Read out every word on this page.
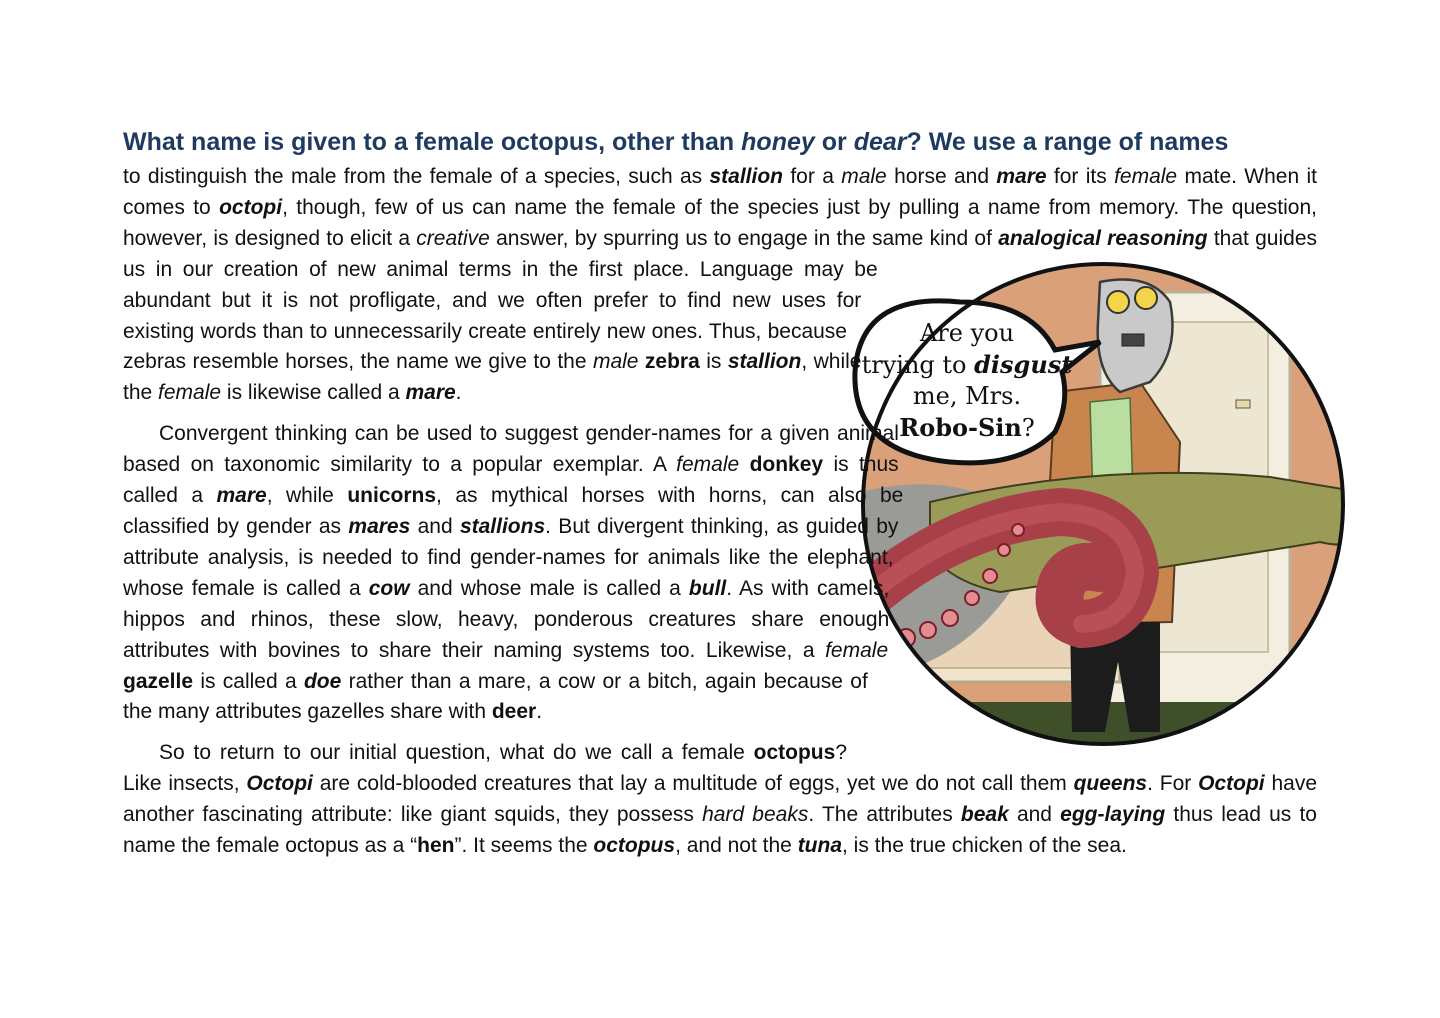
Are you
trying to disgust
me, Mrs.
Robo-Sin?
What name is given to a female octopus, other than honey or dear? We use a range of names

to distinguish the male from the female of a species, such as stallion for a male horse and mare for its female mate. When it comes to octopi, though, few of us can name the female of the species just by pulling a name from memory. The question, however, is designed to elicit a creative answer, by spurring us to engage in the same kind of analogical reasoning
that guides us in our creation of new animal terms in the first place. Language may be abundant but it is not profligate, and we often prefer to find new uses for existing words than to unnecessarily create entirely new ones. Thus, because zebras resemble horses, the name we give to the male zebra is stallion, while the female is likewise called a mare.

Convergent thinking can be used to suggest gender-names for a given animal based on taxonomic similarity to a popular exemplar. A female donkey is thus called a mare, while unicorns, as mythical horses with horns, can also be classified by gender as mares and stallions. But divergent thinking, as guided by attribute analysis, is needed to find gender-names for animals like the elephant, whose female is called a cow and whose male is called a bull. As with camels, hippos and rhinos, these slow, heavy, ponderous creatures share enough attributes with bovines to share their naming systems too. Likewise, a female gazelle is called a doe rather than a mare, a cow or a bitch, again because of the many attributes gazelles share with deer.

So to return to our initial question, what do we call a female octopus? Like insects, Octopi are cold-blooded creatures that lay a multitude of eggs, yet we do not call them queens. For Octopi have another fascinating attribute: like giant squids, they possess hard beaks. The attributes beak and egg-laying thus lead us to name the female octopus as a “hen”. It seems the octopus, and not the tuna, is the true chicken of the sea.
